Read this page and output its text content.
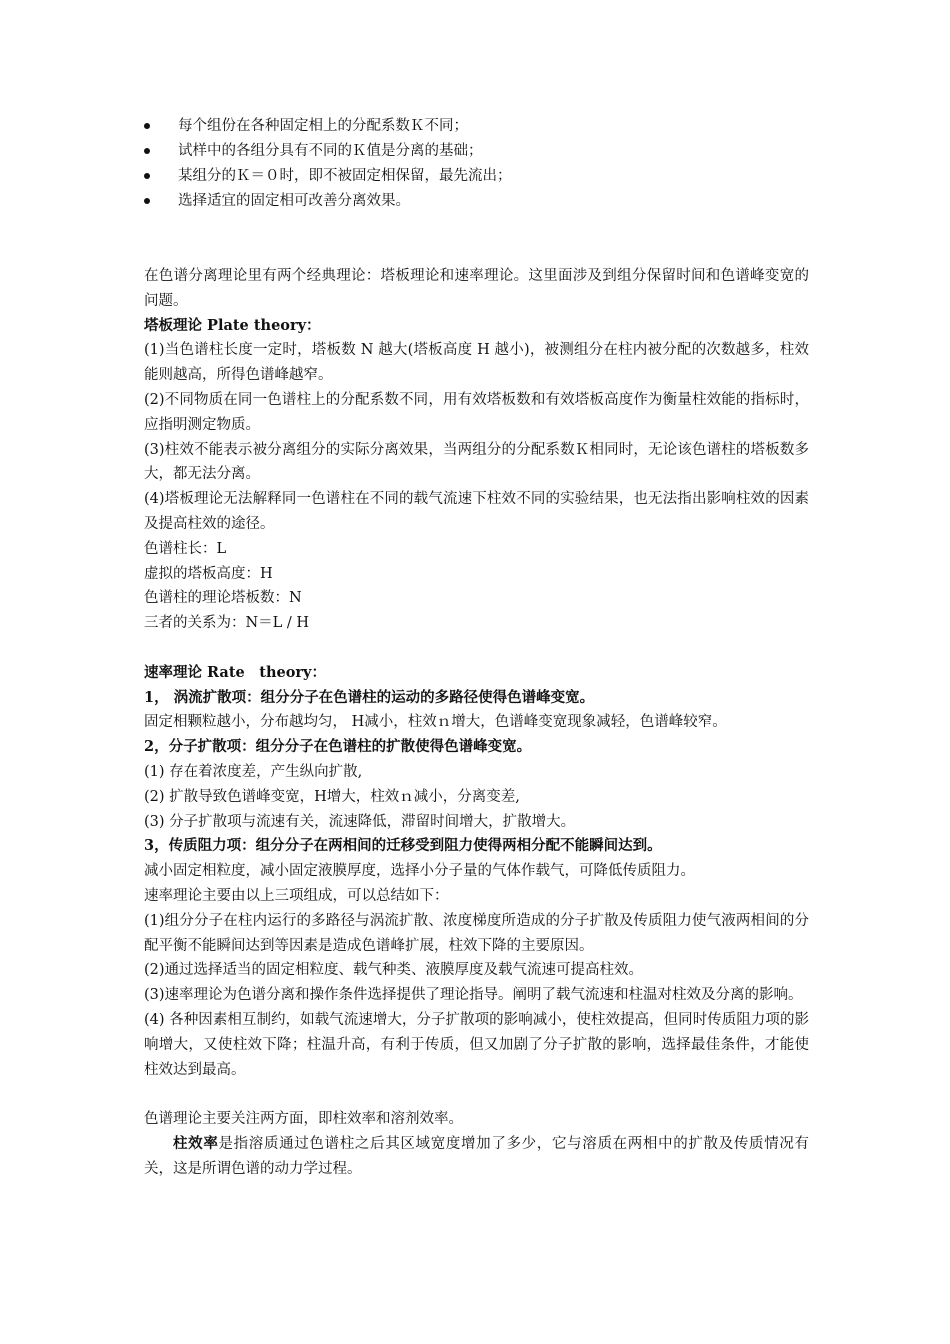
每个组份在各种固定相上的分配系数Ｋ不同；
试样中的各组分具有不同的Ｋ值是分离的基础；
某组分的Ｋ＝０时，即不被固定相保留，最先流出；
选择适宜的固定相可改善分离效果。

在色谱分离理论里有两个经典理论：塔板理论和速率理论。这里面涉及到组分保留时间和色谱峰变宽的问题。

塔板理论 Plate theory：

(1)当色谱柱长度一定时，塔板数 N 越大(塔板高度 H 越小)，被测组分在柱内被分配的次数越多，柱效能则越高，所得色谱峰越窄。

(2)不同物质在同一色谱柱上的分配系数不同，用有效塔板数和有效塔板高度作为衡量柱效能的指标时，应指明测定物质。

(3)柱效不能表示被分离组分的实际分离效果，当两组分的分配系数Ｋ相同时，无论该色谱柱的塔板数多大，都无法分离。

(4)塔板理论无法解释同一色谱柱在不同的载气流速下柱效不同的实验结果，也无法指出影响柱效的因素及提高柱效的途径。

色谱柱长：L

虚拟的塔板高度：H

色谱柱的理论塔板数：N

三者的关系为：N＝L / H

速率理论 Rate　theory：

1， 涡流扩散项：组分分子在色谱柱的运动的多路径使得色谱峰变宽。

固定相颗粒越小，分布越均匀， H减小，柱效ｎ增大，色谱峰变宽现象减轻，色谱峰较窄。

2，分子扩散项：组分分子在色谱柱的扩散使得色谱峰变宽。

(1) 存在着浓度差，产生纵向扩散,

(2) 扩散导致色谱峰变宽，H增大，柱效ｎ减小，分离变差,

(3) 分子扩散项与流速有关，流速降低，滞留时间增大，扩散增大。

3，传质阻力项：组分分子在两相间的迁移受到阻力使得两相分配不能瞬间达到。

减小固定相粒度，减小固定液膜厚度，选择小分子量的气体作载气，可降低传质阻力。

速率理论主要由以上三项组成，可以总结如下：

(1)组分分子在柱内运行的多路径与涡流扩散、浓度梯度所造成的分子扩散及传质阻力使气液两相间的分配平衡不能瞬间达到等因素是造成色谱峰扩展，柱效下降的主要原因。

(2)通过选择适当的固定相粒度、载气种类、液膜厚度及载气流速可提高柱效。

(3)速率理论为色谱分离和操作条件选择提供了理论指导。阐明了载气流速和柱温对柱效及分离的影响。

(4) 各种因素相互制约，如载气流速增大，分子扩散项的影响减小，使柱效提高，但同时传质阻力项的影响增大，又使柱效下降；柱温升高，有利于传质，但又加剧了分子扩散的影响，选择最佳条件，才能使柱效达到最高。

色谱理论主要关注两方面，即柱效率和溶剂效率。

柱效率是指溶质通过色谱柱之后其区域宽度增加了多少，它与溶质在两相中的扩散及传质情况有关，这是所谓色谱的动力学过程。
